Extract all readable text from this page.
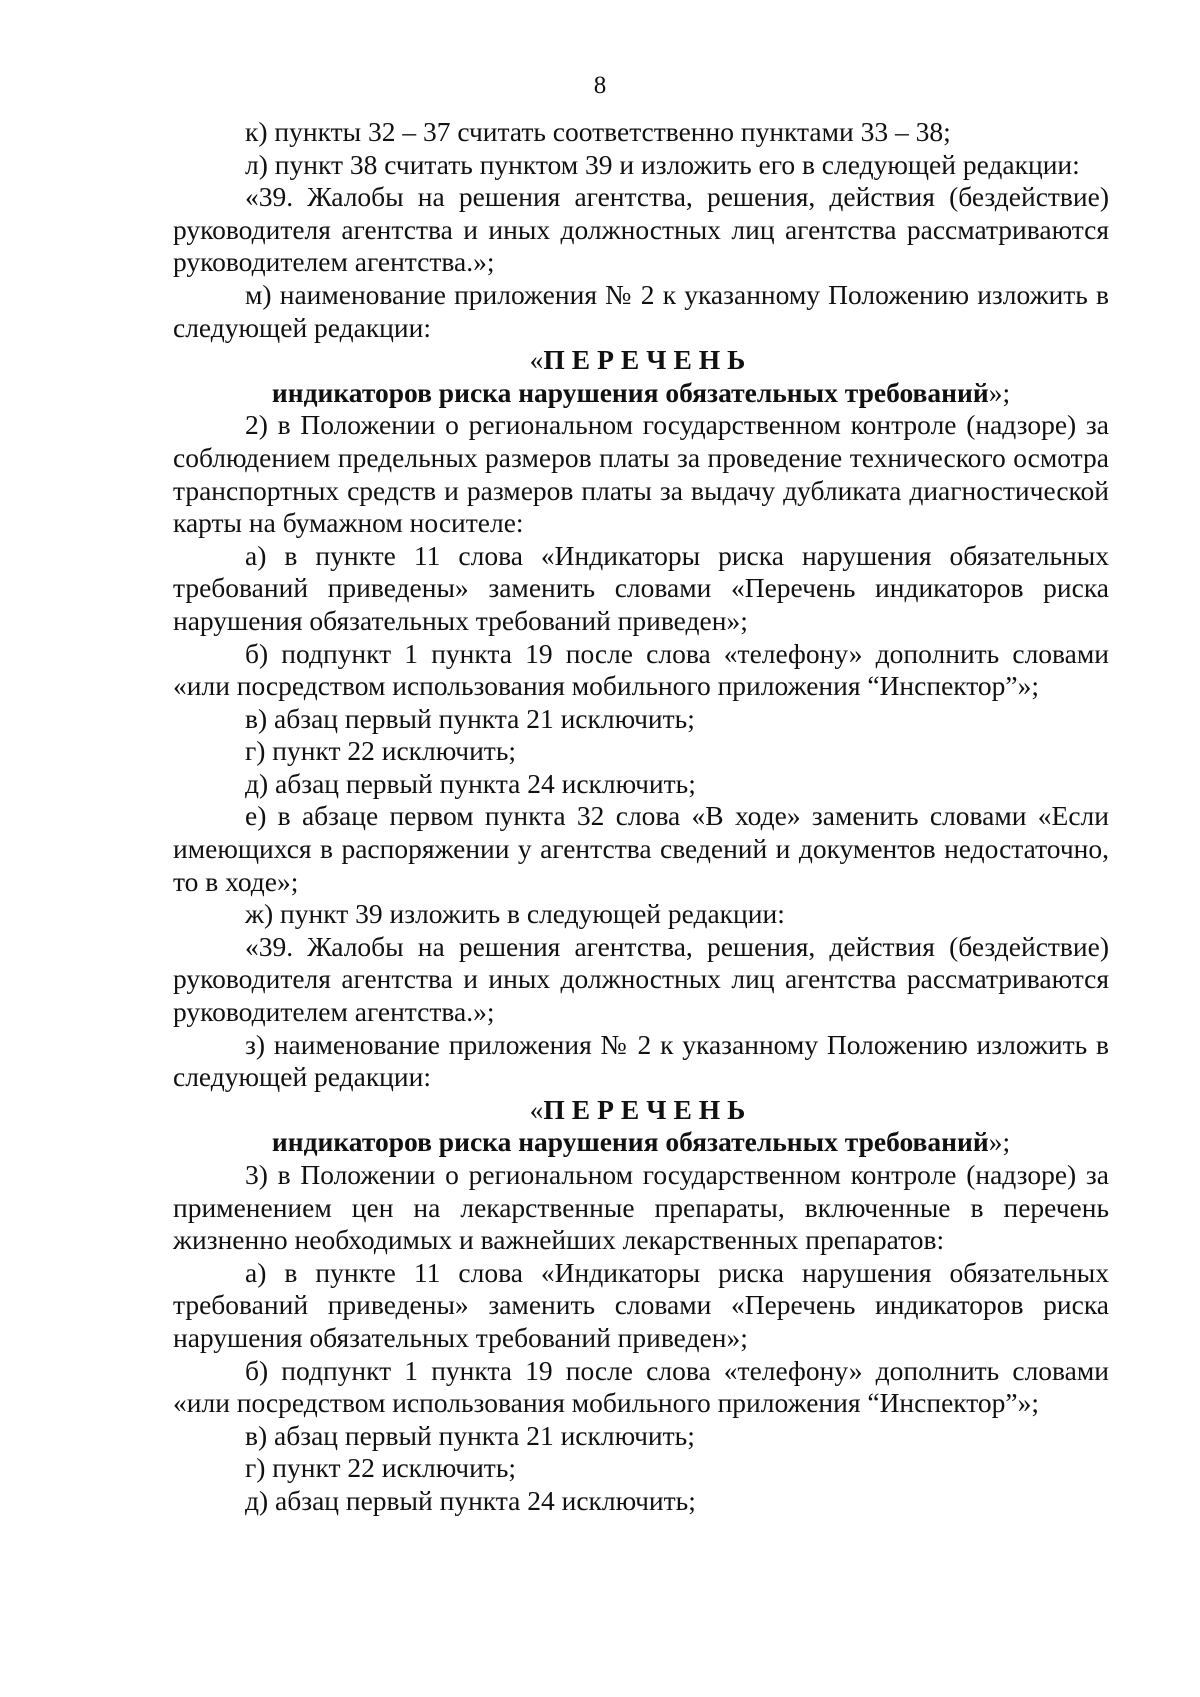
8

к) пункты 32 – 37 считать соответственно пунктами 33 – 38;

л) пункт 38 считать пунктом 39 и изложить его в следующей редакции:

«39. Жалобы на решения агентства, решения, действия (бездействие) руководителя агентства и иных должностных лиц агентства рассматриваются руководителем агентства.»;

м) наименование приложения № 2 к указанному Положению изложить в следующей редакции:

«ПЕРЕЧЕНЬ

индикаторов риска нарушения обязательных требований»;

2) в Положении о региональном государственном контроле (надзоре) за соблюдением предельных размеров платы за проведение технического осмотра транспортных средств и размеров платы за выдачу дубликата диагностической карты на бумажном носителе:

а) в пункте 11 слова «Индикаторы риска нарушения обязательных требований приведены» заменить словами «Перечень индикаторов риска нарушения обязательных требований приведен»;

б) подпункт 1 пункта 19 после слова «телефону» дополнить словами «или посредством использования мобильного приложения “Инспектор”»;

в) абзац первый пункта 21 исключить;

г) пункт 22 исключить;

д) абзац первый пункта 24 исключить;

е) в абзаце первом пункта 32 слова «В ходе» заменить словами «Если имеющихся в распоряжении у агентства сведений и документов недостаточно, то в ходе»;

ж) пункт 39 изложить в следующей редакции:

«39. Жалобы на решения агентства, решения, действия (бездействие) руководителя агентства и иных должностных лиц агентства рассматриваются руководителем агентства.»;

з) наименование приложения № 2 к указанному Положению изложить в следующей редакции:

«ПЕРЕЧЕНЬ

индикаторов риска нарушения обязательных требований»;

3) в Положении о региональном государственном контроле (надзоре) за применением цен на лекарственные препараты, включенные в перечень жизненно необходимых и важнейших лекарственных препаратов:

а) в пункте 11 слова «Индикаторы риска нарушения обязательных требований приведены» заменить словами «Перечень индикаторов риска нарушения обязательных требований приведен»;

б) подпункт 1 пункта 19 после слова «телефону» дополнить словами «или посредством использования мобильного приложения “Инспектор”»;

в) абзац первый пункта 21 исключить;

г) пункт 22 исключить;

д) абзац первый пункта 24 исключить;
